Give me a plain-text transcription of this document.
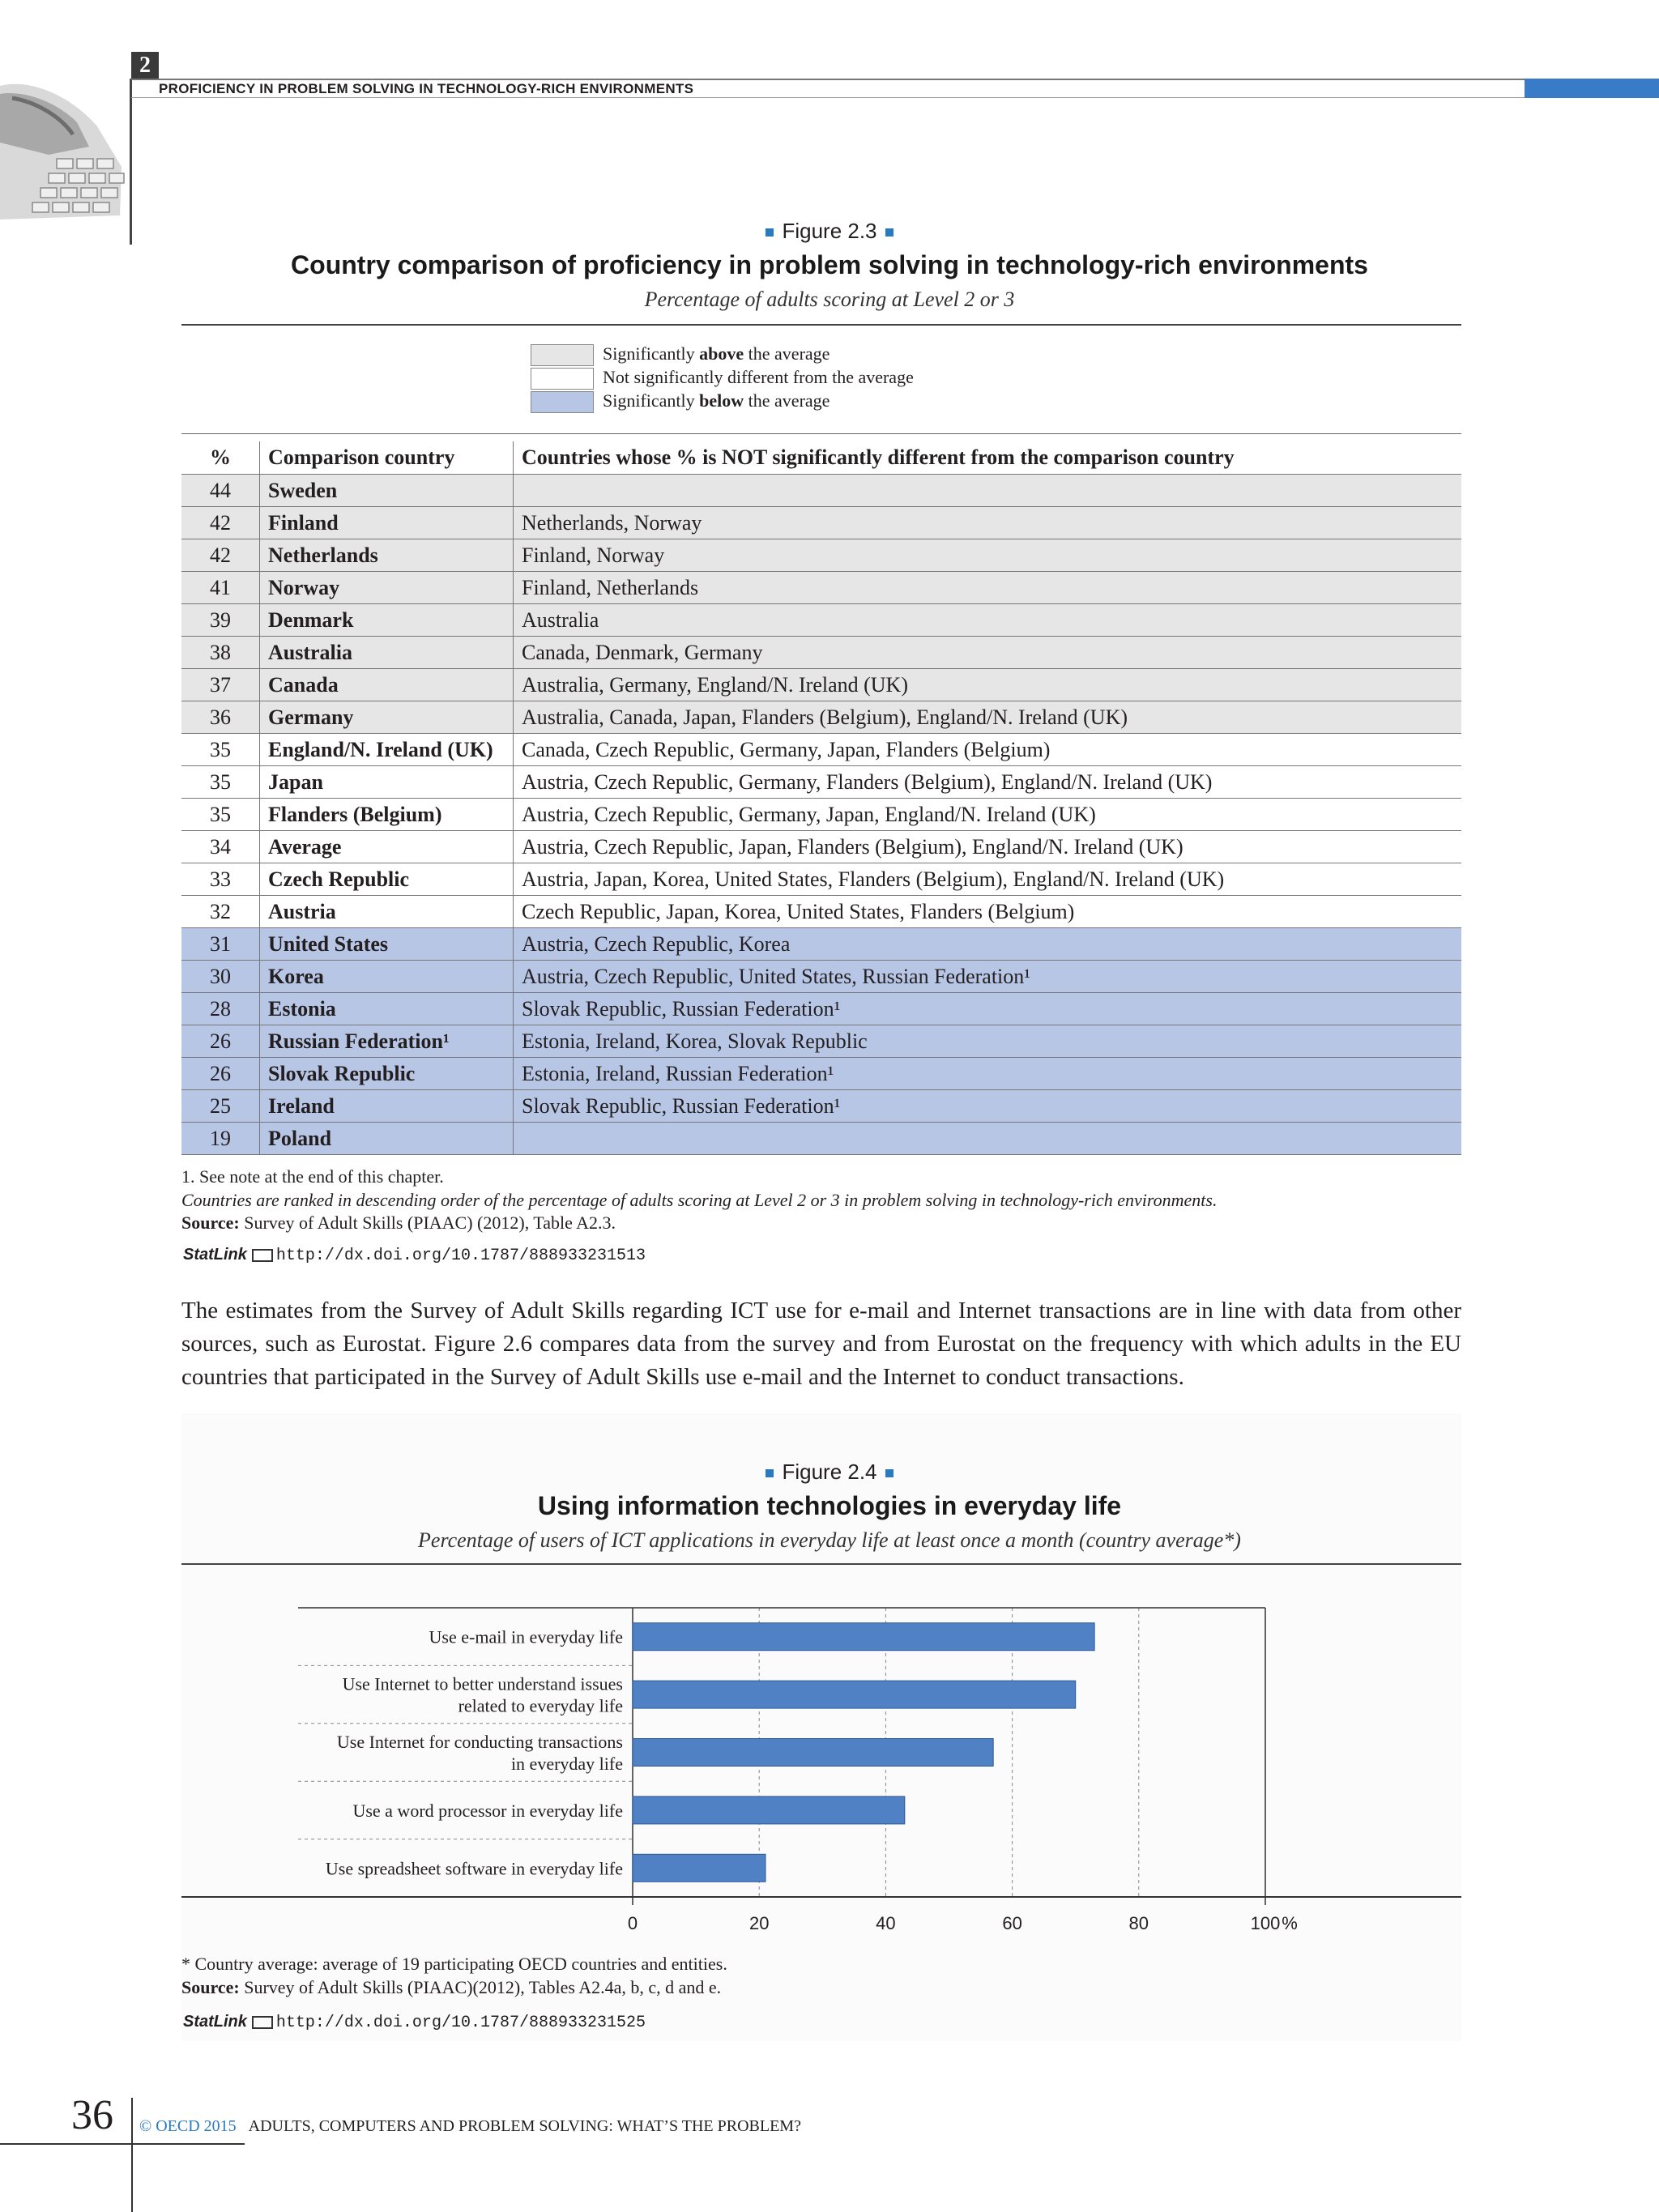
2
PROFICIENCY IN PROBLEM SOLVING IN TECHNOLOGY-RICH ENVIRONMENTS
Figure 2.3
Country comparison of proficiency in problem solving in technology-rich environments
Percentage of adults scoring at Level 2 or 3
Significantly above the average
Not significantly different from the average
Significantly below the average
%	Comparison country	Countries whose % is NOT significantly different from the comparison country
44	Sweden	
42	Finland	Netherlands, Norway
42	Netherlands	Finland, Norway
41	Norway	Finland, Netherlands
39	Denmark	Australia
38	Australia	Canada, Denmark, Germany
37	Canada	Australia, Germany, England/N. Ireland (UK)
36	Germany	Australia, Canada, Japan, Flanders (Belgium), England/N. Ireland (UK)
35	England/N. Ireland (UK)	Canada, Czech Republic, Germany, Japan, Flanders (Belgium)
35	Japan	Austria, Czech Republic, Germany, Flanders (Belgium), England/N. Ireland (UK)
35	Flanders (Belgium)	Austria, Czech Republic, Germany, Japan, England/N. Ireland (UK)
34	Average	Austria, Czech Republic, Japan, Flanders (Belgium), England/N. Ireland (UK)
33	Czech Republic	Austria, Japan, Korea, United States, Flanders (Belgium), England/N. Ireland (UK)
32	Austria	Czech Republic, Japan, Korea, United States, Flanders (Belgium)
31	United States	Austria, Czech Republic, Korea
30	Korea	Austria, Czech Republic, United States, Russian Federation¹
28	Estonia	Slovak Republic, Russian Federation¹
26	Russian Federation¹	Estonia, Ireland, Korea, Slovak Republic
26	Slovak Republic	Estonia, Ireland, Russian Federation¹
25	Ireland	Slovak Republic, Russian Federation¹
19	Poland	
1. See note at the end of this chapter.
Countries are ranked in descending order of the percentage of adults scoring at Level 2 or 3 in problem solving in technology-rich environments.
Source: Survey of Adult Skills (PIAAC) (2012), Table A2.3.
StatLink http://dx.doi.org/10.1787/888933231513
The estimates from the Survey of Adult Skills regarding ICT use for e-mail and Internet transactions are in line with data from other sources, such as Eurostat. Figure 2.6 compares data from the survey and from Eurostat on the frequency with which adults in the EU countries that participated in the Survey of Adult Skills use e-mail and the Internet to conduct transactions.
Figure 2.4
Using information technologies in everyday life
Percentage of users of ICT applications in everyday life at least once a month (country average*)
Use e-mail in everyday life
Use Internet to better understand issues
related to everyday life
Use Internet for conducting transactions
in everyday life
Use a word processor in everyday life
Use spreadsheet software in everyday life
0	20	40	60	80	100 %
* Country average: average of 19 participating OECD countries and entities.
Source: Survey of Adult Skills (PIAAC)(2012), Tables A2.4a, b, c, d and e.
StatLink http://dx.doi.org/10.1787/888933231525
36 © OECD 2015 ADULTS, COMPUTERS AND PROBLEM SOLVING: WHAT’S THE PROBLEM?
